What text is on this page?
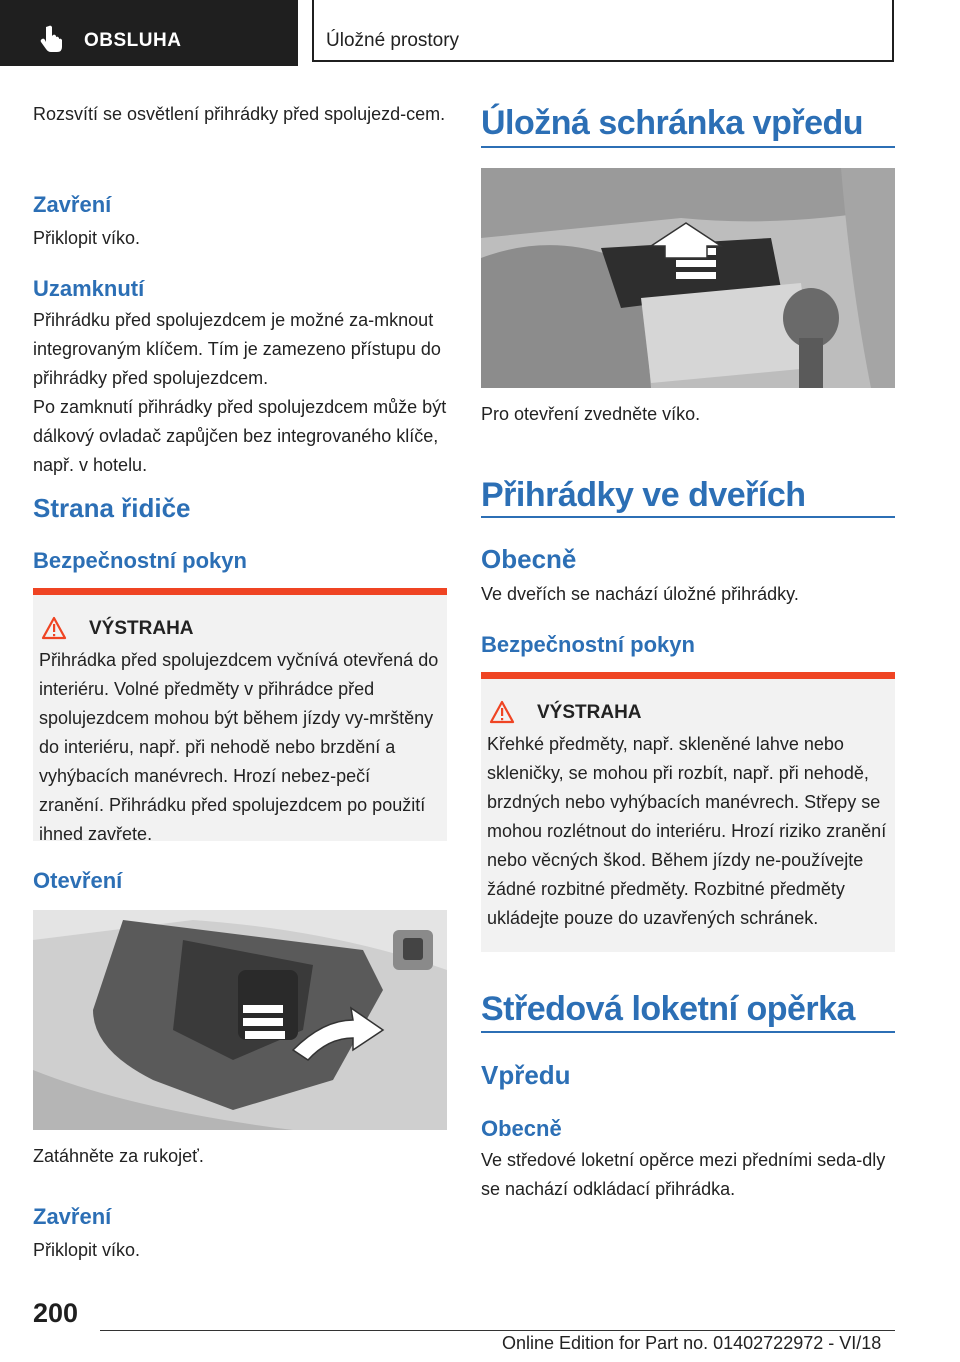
OBSLUHA	Úložné prostory

Rozsvítí se osvětlení přihrádky před spolujezd-cem.

Zavření

Přiklopit víko.

Uzamknutí

Přihrádku před spolujezdcem je možné za-mknout integrovaným klíčem. Tím je zamezeno přístupu do přihrádky před spolujezdcem.

Po zamknutí přihrádky před spolujezdcem může být dálkový ovladač zapůjčen bez integrovaného klíče, např. v hotelu.

Strana řidiče
Bezpečnostní pokyn
VÝSTRAHA

Přihrádka před spolujezdcem vyčnívá otevřená do interiéru. Volné předměty v přihrádce před spolujezdcem mohou být během jízdy vy-mrštěny do interiéru, např. při nehodě nebo brzdění a vyhýbacích manévrech. Hrozí nebez-pečí zranění. Přihrádku před spolujezdcem po použití ihned zavřete.

Otevření

Zatáhněte za rukojeť.

Zavření

Přiklopit víko.

Úložná schránka vpředu

Pro otevření zvedněte víko.

Přihrádky ve dveřích
Obecně

Ve dveřích se nachází úložné přihrádky.

Bezpečnostní pokyn
VÝSTRAHA

Křehké předměty, např. skleněné lahve nebo skleničky, se mohou při rozbít, např. při nehodě, brzdných nebo vyhýbacích manévrech. Střepy se mohou rozlétnout do interiéru. Hrozí riziko zranění nebo věcných škod. Během jízdy ne-používejte žádné rozbitné předměty. Rozbitné předměty ukládejte pouze do uzavřených schránek.

Středová loketní opěrka
Vpředu
Obecně

Ve středové loketní opěrce mezi předními seda-dly se nachází odkládací přihrádka.

200
Online Edition for Part no. 01402722972 - VI/18
